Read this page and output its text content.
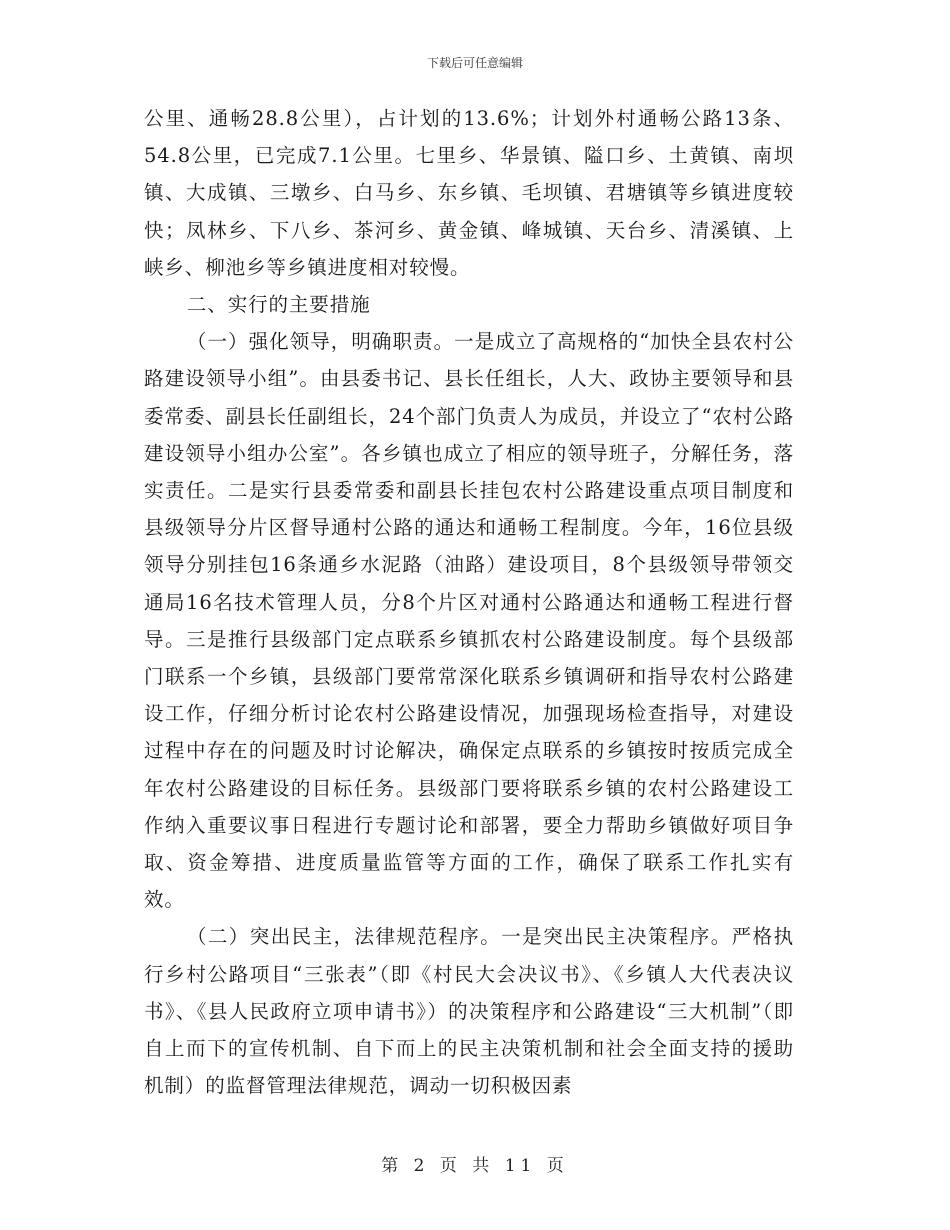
下载后可任意编辑

公里、通畅28.8公里），占计划的13.6%；计划外村通畅公路13条、54.8公里，已完成7.1公里。七里乡、华景镇、隘口乡、土黄镇、南坝镇、大成镇、三墩乡、白马乡、东乡镇、毛坝镇、君塘镇等乡镇进度较快；凤林乡、下八乡、茶河乡、黄金镇、峰城镇、天台乡、清溪镇、上峡乡、柳池乡等乡镇进度相对较慢。

二、实行的主要措施

（一）强化领导，明确职责。一是成立了高规格的“加快全县农村公路建设领导小组”。由县委书记、县长任组长，人大、政协主要领导和县委常委、副县长任副组长，24个部门负责人为成员，并设立了“农村公路建设领导小组办公室”。各乡镇也成立了相应的领导班子，分解任务，落实责任。二是实行县委常委和副县长挂包农村公路建设重点项目制度和县级领导分片区督导通村公路的通达和通畅工程制度。今年，16位县级领导分别挂包16条通乡水泥路（油路）建设项目，8个县级领导带领交通局16名技术管理人员，分8个片区对通村公路通达和通畅工程进行督导。三是推行县级部门定点联系乡镇抓农村公路建设制度。每个县级部门联系一个乡镇，县级部门要常常深化联系乡镇调研和指导农村公路建设工作，仔细分析讨论农村公路建设情况，加强现场检查指导，对建设过程中存在的问题及时讨论解决，确保定点联系的乡镇按时按质完成全年农村公路建设的目标任务。县级部门要将联系乡镇的农村公路建设工作纳入重要议事日程进行专题讨论和部署，要全力帮助乡镇做好项目争取、资金筹措、进度质量监管等方面的工作，确保了联系工作扎实有效。

（二）突出民主，法律规范程序。一是突出民主决策程序。严格执行乡村公路项目“三张表”（即《村民大会决议书》、《乡镇人大代表决议书》、《县人民政府立项申请书》）的决策程序和公路建设“三大机制”（即自上而下的宣传机制、自下而上的民主决策机制和社会全面支持的援助机制）的监督管理法律规范，调动一切积极因素

第 2 页 共 11 页
